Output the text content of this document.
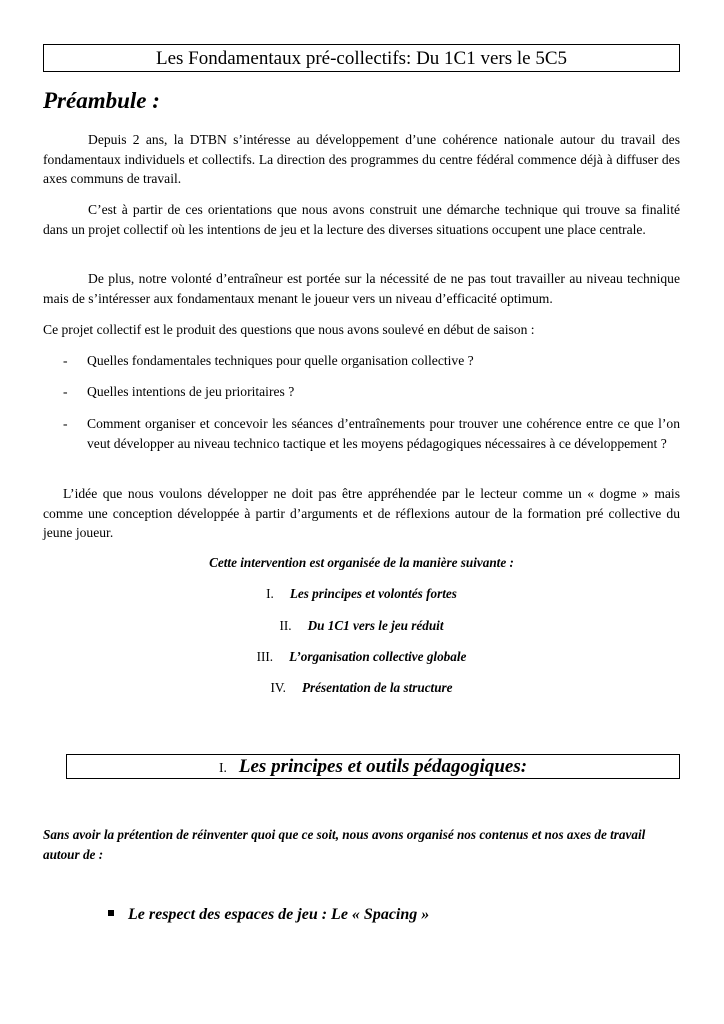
Les Fondamentaux pré-collectifs: Du 1C1 vers le 5C5
Préambule :
Depuis 2 ans, la DTBN s’intéresse au développement d’une cohérence nationale autour du travail des fondamentaux individuels et collectifs. La direction des programmes du centre fédéral commence déjà à diffuser des axes communs de travail.
C’est à partir de ces orientations que nous avons construit une démarche technique qui trouve sa finalité dans un projet collectif où les intentions de jeu et la lecture des diverses situations occupent une place centrale.
De plus, notre volonté d’entraîneur est portée sur la nécessité de ne pas tout travailler au niveau technique mais de s’intéresser aux fondamentaux menant le joueur vers un niveau d’efficacité optimum.
Ce projet collectif est le produit des questions que nous avons soulevé en début de saison :
- Quelles fondamentales techniques pour quelle organisation collective ?
- Quelles intentions de jeu prioritaires ?
- Comment organiser et concevoir les séances d’entraînements pour trouver une cohérence entre ce que l’on veut développer au niveau technico tactique et les moyens pédagogiques nécessaires à ce développement ?
L’idée que nous voulons développer ne doit pas être appréhendée par le lecteur comme un « dogme » mais comme une conception développée à partir d’arguments et de réflexions autour de la formation pré collective du jeune joueur.
Cette intervention est organisée de la manière suivante :
I. Les principes et volontés fortes
II. Du 1C1 vers le jeu réduit
III. L’organisation collective globale
IV. Présentation de la structure
I. Les principes et outils pédagogiques:
Sans avoir la prétention de réinventer quoi que ce soit, nous avons organisé nos contenus et nos axes de travail autour de :
Le respect des espaces de jeu : Le « Spacing »
